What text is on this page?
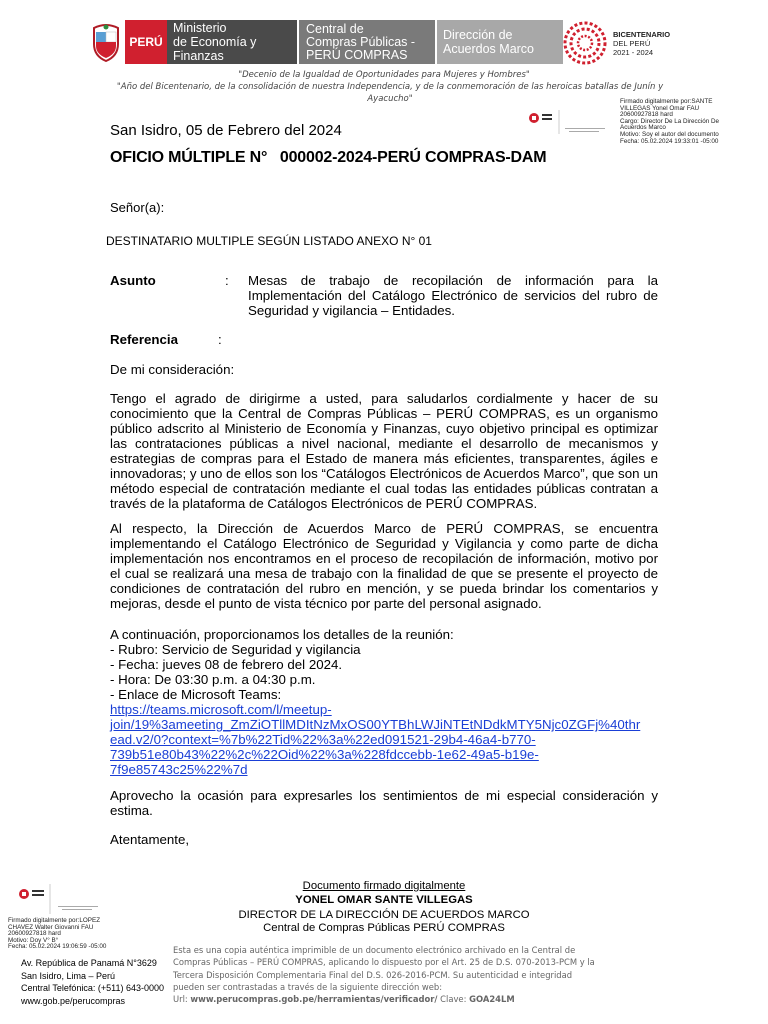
PERÚ
Ministerio
de Economía y Finanzas
Central de
Compras Públicas -
PERÚ COMPRAS
Dirección de
Acuerdos Marco
BICENTENARIO
DEL PERÚ
2021 - 2024
"Decenio de la Igualdad de Oportunidades para Mujeres y Hombres"
"Año del Bicentenario, de la consolidación de nuestra Independencia, y de la conmemoración de las heroicas batallas de Junín y Ayacucho"	Firmado digitalmente por:SANTE
VILLEGAS Yonel Omar FAU
20600927818 hard
Cargo: Director De La Dirección De
Acuerdos Marco
Motivo: Soy el autor del documento
Fecha: 05.02.2024 19:33:01 -05:00
San Isidro, 05 de Febrero del 2024
OFICIO MÚLTIPLE N°   000002-2024-PERÚ COMPRAS-DAM
Señor(a):
DESTINATARIO MULTIPLE SEGÚN LISTADO ANEXO N° 01
Asunto	: Mesas de trabajo de recopilación de información para la Implementación del Catálogo Electrónico de servicios del rubro de Seguridad y vigilancia – Entidades.
Referencia	:
De mi consideración:
Tengo el agrado de dirigirme a usted, para saludarlos cordialmente y hacer de su conocimiento que la Central de Compras Públicas – PERÚ COMPRAS, es un organismo público adscrito al Ministerio de Economía y Finanzas, cuyo objetivo principal es optimizar las contrataciones públicas a nivel nacional, mediante el desarrollo de mecanismos y estrategias de compras para el Estado de manera más eficientes, transparentes, ágiles e innovadoras; y uno de ellos son los “Catálogos Electrónicos de Acuerdos Marco”, que son un método especial de contratación mediante el cual todas las entidades públicas contratan a través de la plataforma de Catálogos Electrónicos de PERÚ COMPRAS.
Al respecto, la Dirección de Acuerdos Marco de PERÚ COMPRAS, se encuentra implementando el Catálogo Electrónico de Seguridad y Vigilancia y como parte de dicha implementación nos encontramos en el proceso de recopilación de información, motivo por el cual se realizará una mesa de trabajo con la finalidad de que se presente el proyecto de condiciones de contratación del rubro en mención, y se pueda brindar los comentarios y mejoras, desde el punto de vista técnico por parte del personal asignado.
A continuación, proporcionamos los detalles de la reunión:
- Rubro: Servicio de Seguridad y vigilancia
- Fecha: jueves 08 de febrero del 2024.
- Hora: De 03:30 p.m. a 04:30 p.m.
- Enlace de Microsoft Teams:
https://teams.microsoft.com/l/meetup-
join/19%3ameeting_ZmZiOTllMDItNzMxOS00YTBhLWJiNTEtNDdkMTY5Njc0ZGFj%40thr
ead.v2/0?context=%7b%22Tid%22%3a%22ed091521-29b4-46a4-b770-
739b51e80b43%22%2c%22Oid%22%3a%228fdccebb-1e62-49a5-b19e-
7f9e85743c25%22%7d
Aprovecho la ocasión para expresarles los sentimientos de mi especial consideración y estima.
Atentamente,
Documento firmado digitalmente
YONEL OMAR SANTE VILLEGAS
DIRECTOR DE LA DIRECCIÓN DE ACUERDOS MARCO
Central de Compras Públicas PERÚ COMPRAS
Firmado digitalmente por:LOPEZ
CHAVEZ Walter Giovanni FAU
20600927818 hard
Motivo: Doy V° B°
Fecha: 05.02.2024 19:06:59 -05:00
Av. República de Panamá N°3629
San Isidro, Lima – Perú
Central Telefónica: (+511) 643-0000
www.gob.pe/perucompras
Esta es una copia auténtica imprimible de un documento electrónico archivado en la Central de Compras Públicas – PERÚ COMPRAS, aplicando lo dispuesto por el Art. 25 de D.S. 070-2013-PCM y la Tercera Disposición Complementaria Final del D.S. 026-2016-PCM. Su autenticidad e integridad pueden ser contrastadas a través de la siguiente dirección web:
Url: www.perucompras.gob.pe/herramientas/verificador/ Clave: GOA24LM
